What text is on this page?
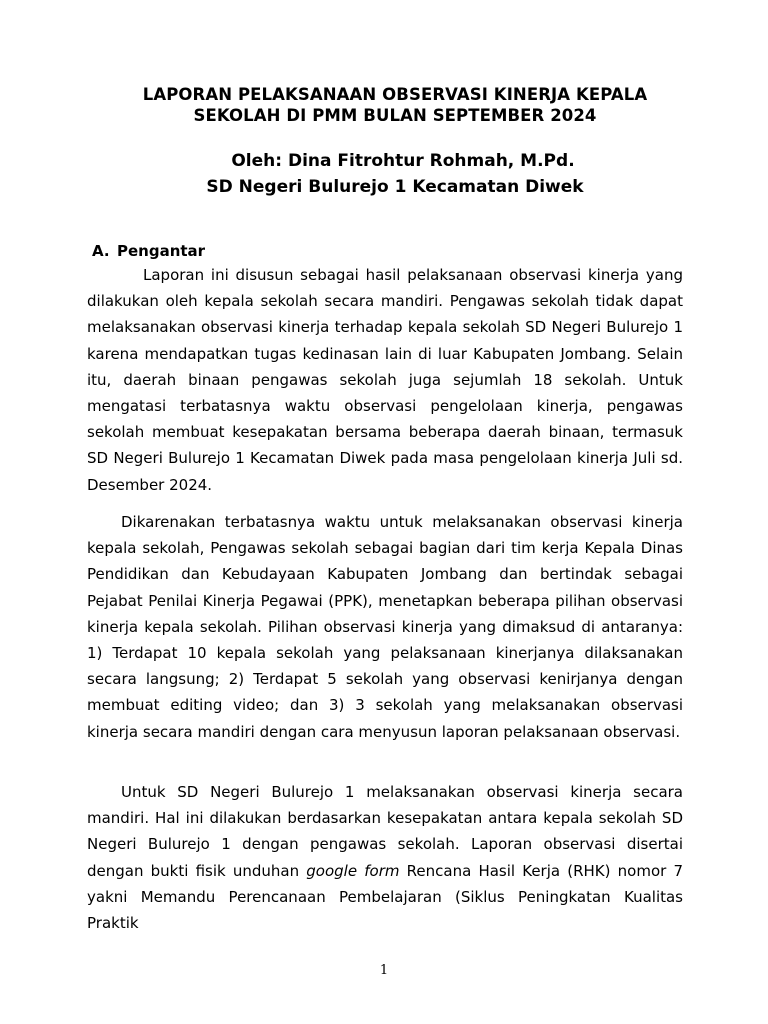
LAPORAN PELAKSANAAN OBSERVASI KINERJA KEPALA
SEKOLAH DI PMM BULAN SEPTEMBER 2024
Oleh: Dina Fitrohtur Rohmah, M.Pd.
SD Negeri Bulurejo 1 Kecamatan Diwek
A. Pengantar

Laporan ini disusun sebagai hasil pelaksanaan observasi kinerja yang dilakukan oleh kepala sekolah secara mandiri. Pengawas sekolah tidak dapat melaksanakan observasi kinerja terhadap kepala sekolah SD Negeri Bulurejo 1 karena mendapatkan tugas kedinasan lain di luar Kabupaten Jombang. Selain itu, daerah binaan pengawas sekolah juga sejumlah 18 sekolah. Untuk mengatasi terbatasnya waktu observasi pengelolaan kinerja, pengawas sekolah membuat kesepakatan bersama beberapa daerah binaan, termasuk SD Negeri Bulurejo 1 Kecamatan Diwek pada masa pengelolaan kinerja Juli sd. Desember 2024.

Dikarenakan terbatasnya waktu untuk melaksanakan observasi kinerja kepala sekolah, Pengawas sekolah sebagai bagian dari tim kerja Kepala Dinas Pendidikan dan Kebudayaan Kabupaten Jombang dan bertindak sebagai Pejabat Penilai Kinerja Pegawai (PPK), menetapkan beberapa pilihan observasi kinerja kepala sekolah. Pilihan observasi kinerja yang dimaksud di antaranya: 1) Terdapat 10 kepala sekolah yang pelaksanaan kinerjanya dilaksanakan secara langsung; 2) Terdapat 5 sekolah yang observasi kenirjanya dengan membuat editing video; dan 3) 3 sekolah yang melaksanakan observasi kinerja secara mandiri dengan cara menyusun laporan pelaksanaan observasi.

Untuk SD Negeri Bulurejo 1 melaksanakan observasi kinerja secara mandiri. Hal ini dilakukan berdasarkan kesepakatan antara kepala sekolah SD Negeri Bulurejo 1 dengan pengawas sekolah. Laporan observasi disertai dengan bukti fisik unduhan google form Rencana Hasil Kerja (RHK) nomor 7 yakni Memandu Perencanaan Pembelajaran (Siklus Peningkatan Kualitas Praktik

1
